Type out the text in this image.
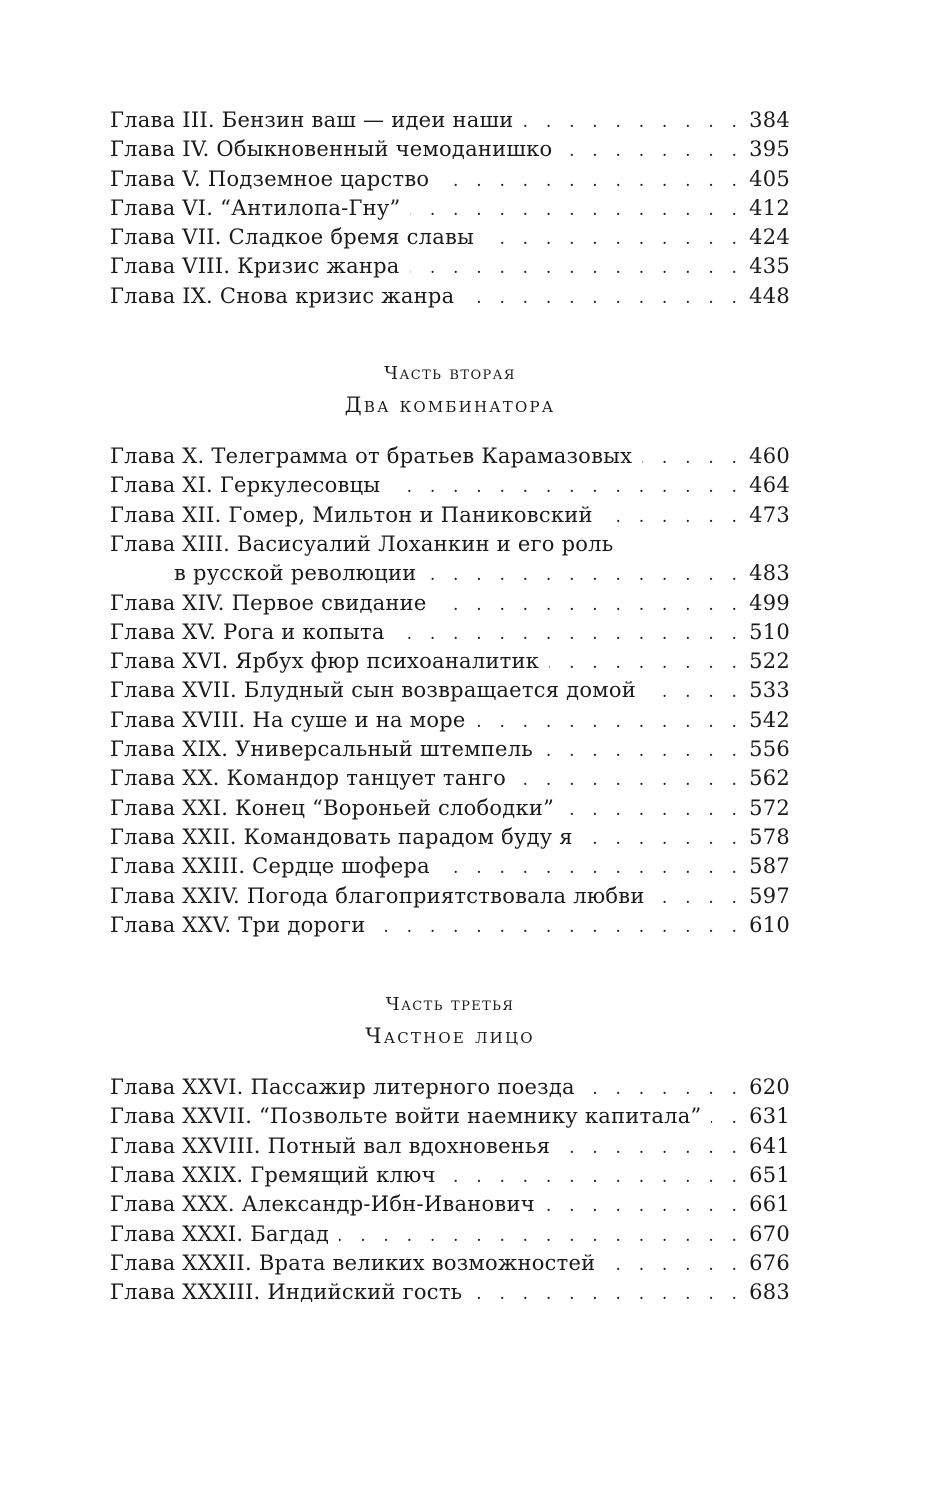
Глава III. Бензин ваш — идеи наши . . .	384
Глава IV. Обыкновенный чемоданишко . . .	395
Глава V. Подземное царство . . .	405
Глава VI. “Антилопа-Гну” . . .	412
Глава VII. Сладкое бремя славы . . .	424
Глава VIII. Кризис жанра . . .	435
Глава IX. Снова кризис жанра . . .	448
Часть вторая
Два комбинатора
Глава X. Телеграмма от братьев Карамазовых . . .	460
Глава XI. Геркулесовцы . . .	464
Глава XII. Гомер, Мильтон и Паниковский . . .	473
Глава XIII. Васисуалий Лоханкин и его роль
в русской революции . . .	483
Глава XIV. Первое свидание . . .	499
Глава XV. Рога и копыта . . .	510
Глава XVI. Ярбух фюр психоаналитик . . .	522
Глава XVII. Блудный сын возвращается домой . . .	533
Глава XVIII. На суше и на море . . .	542
Глава XIX. Универсальный штемпель . . .	556
Глава XX. Командор танцует танго . . .	562
Глава XXI. Конец “Вороньей слободки” . . .	572
Глава XXII. Командовать парадом буду я . . .	578
Глава XXIII. Сердце шофера . . .	587
Глава XXIV. Погода благоприятствовала любви . . .	597
Глава XXV. Три дороги . . .	610
Часть третья
Частное лицо
Глава XXVI. Пассажир литерного поезда . . .	620
Глава XXVII. “Позвольте войти наемнику капитала” . . . 631
Глава XXVIII. Потный вал вдохновенья . . .	641
Глава XXIX. Гремящий ключ . . .	651
Глава XXX. Александр-Ибн-Иванович . . .	661
Глава XXXI. Багдад . . .	670
Глава XXXII. Врата великих возможностей . . .	676
Глава XXXIII. Индийский гость . . .	683
